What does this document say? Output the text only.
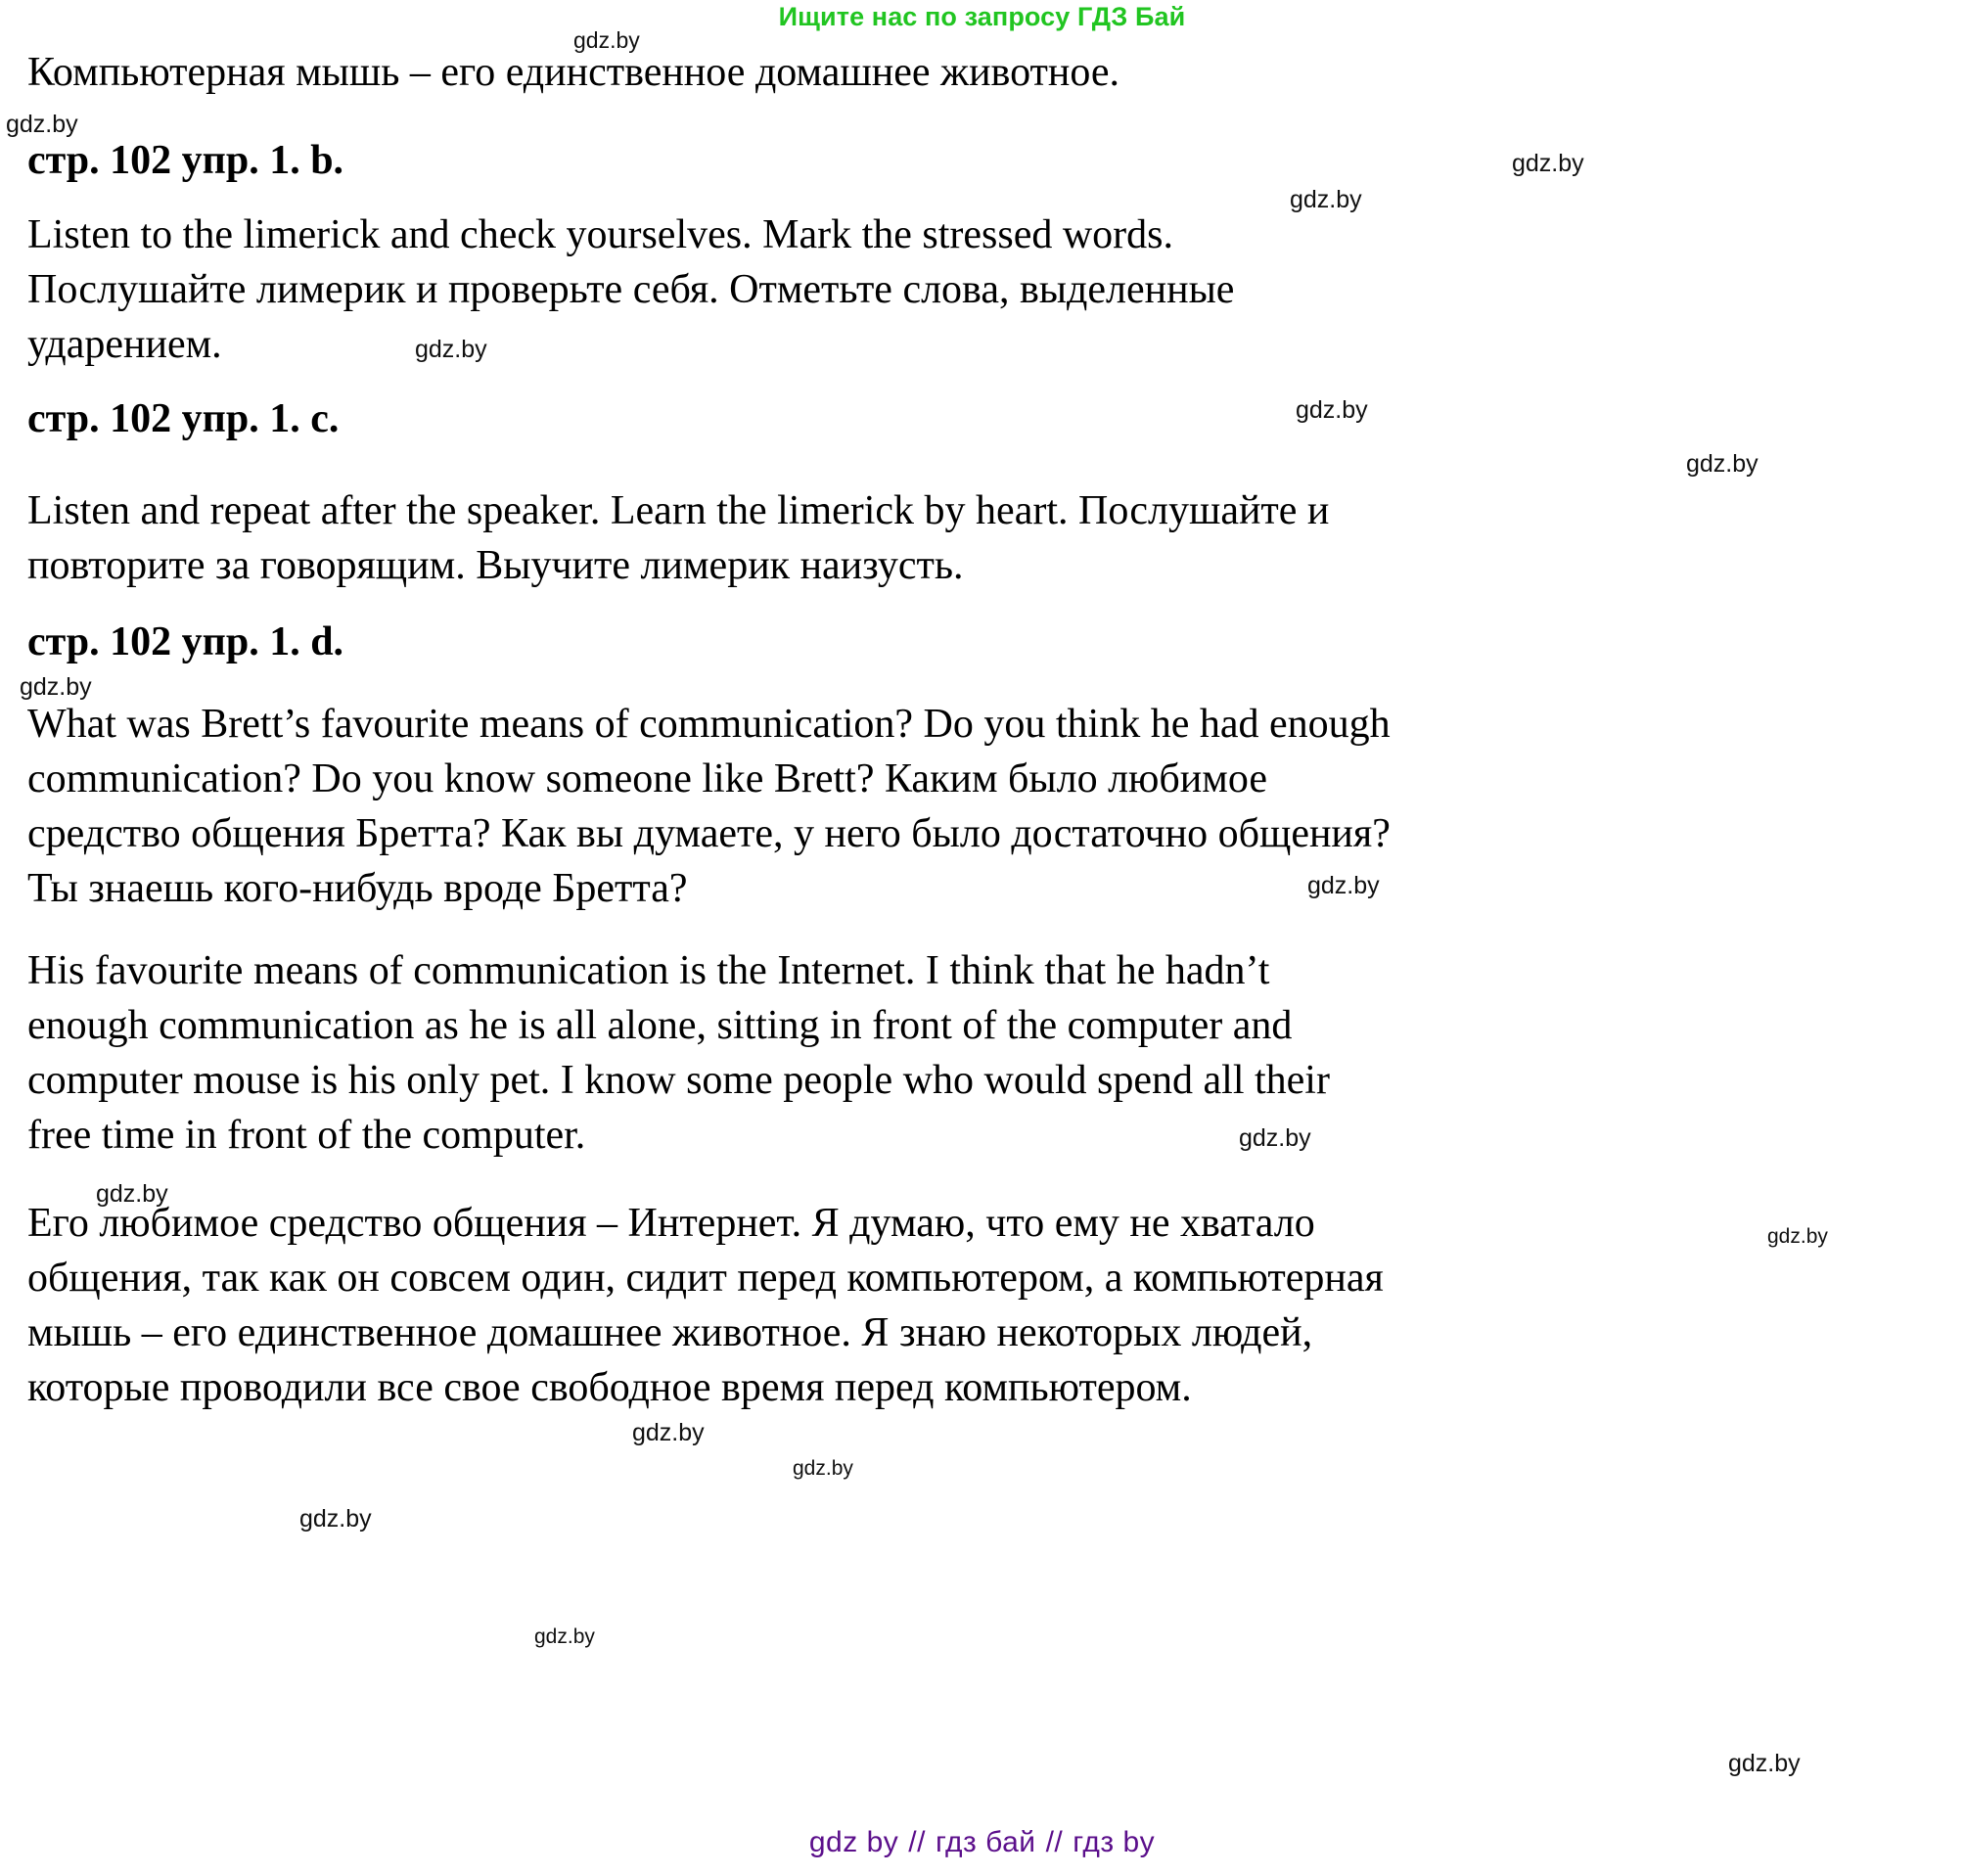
Ищите нас по запросу ГДЗ Бай
Компьютерная мышь – его единственное домашнее животное.
стр. 102 упр. 1. b.
Listen to the limerick and check yourselves. Mark the stressed words.
Послушайте лимерик и проверьте себя. Отметьте слова, выделенные
ударением.
стр. 102 упр. 1. c.
Listen and repeat after the speaker. Learn the limerick by heart. Послушайте и
повторите за говорящим. Выучите лимерик наизусть.
стр. 102 упр. 1. d.
What was Brett’s favourite means of communication? Do you think he had enough
communication? Do you know someone like Brett? Каким было любимое
средство общения Бретта? Как вы думаете, у него было достаточно общения?
Ты знаешь кого-нибудь вроде Бретта?
His favourite means of communication is the Internet. I think that he hadn’t
enough communication as he is all alone, sitting in front of the computer and
computer mouse is his only pet. I know some people who would spend all their
free time in front of the computer.
Его любимое средство общения – Интернет. Я думаю, что ему не хватало
общения, так как он совсем один, сидит перед компьютером, а компьютерная
мышь – его единственное домашнее животное. Я знаю некоторых людей,
которые проводили все свое свободное время перед компьютером.
gdz.by
gdz.by
gdz.by
gdz.by
gdz.by
gdz.by
gdz.by
gdz.by
gdz.by
gdz.by
gdz.by
gdz.by
gdz.by
gdz.by
gdz.by
gdz.by
gdz.by
gdz by // гдз бай // гдз by
